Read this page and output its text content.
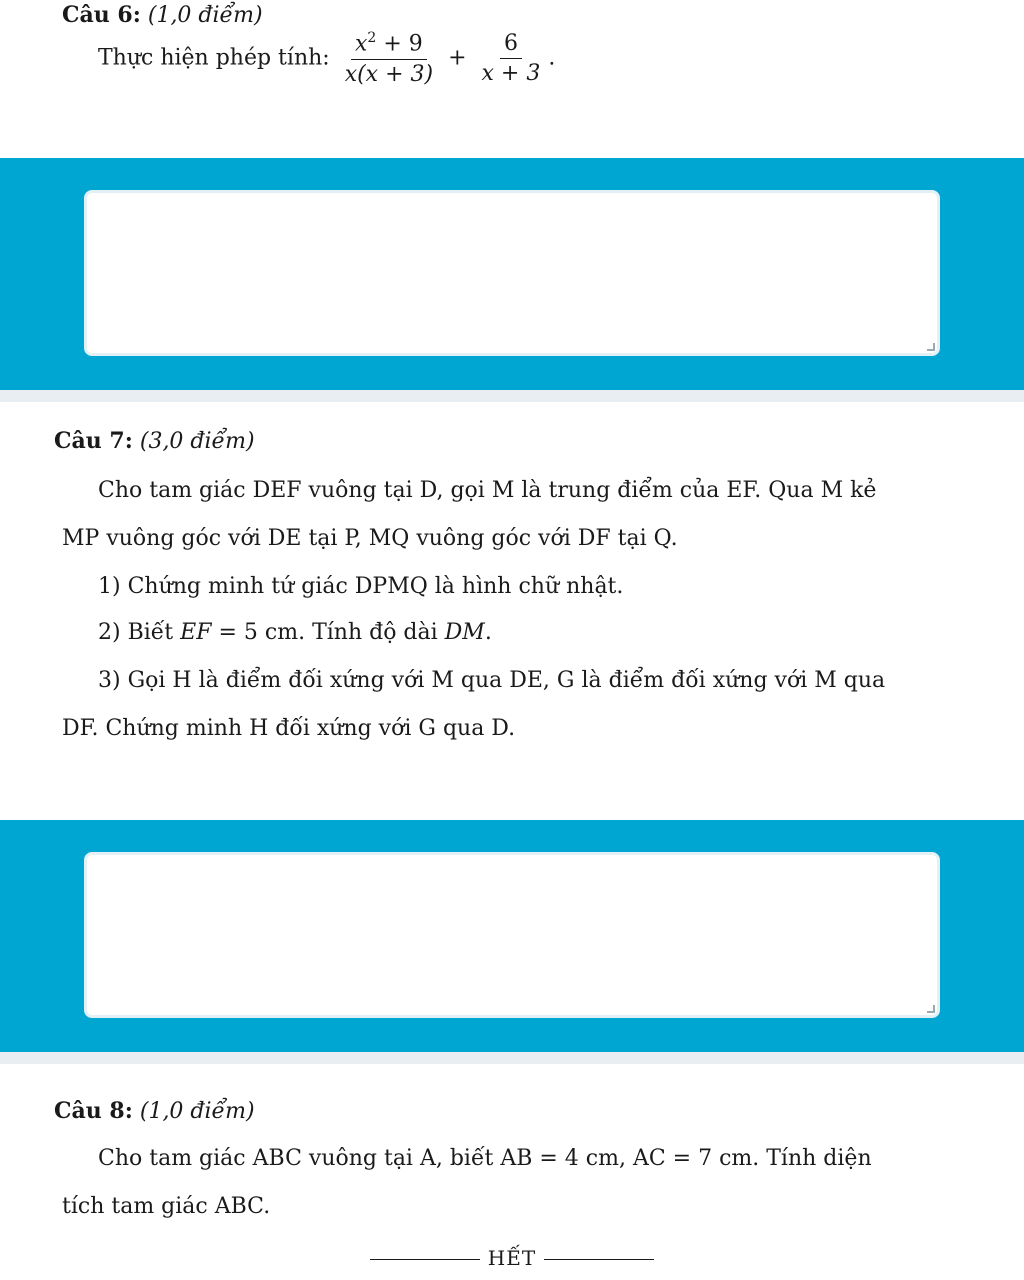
Câu 6: (1,0 điểm)
Thực hiện phép tính: $\frac{x^2 + 9}{x(x + 3)} + \frac{6}{x + 3}$ .
Câu 7: (3,0 điểm)
Cho tam giác DEF vuông tại D, gọi M là trung điểm của EF. Qua M kẻ
MP vuông góc với DE tại P, MQ vuông góc với DF tại Q.
1) Chứng minh tứ giác DPMQ là hình chữ nhật.
2) Biết EF = 5 cm. Tính độ dài DM.
3) Gọi H là điểm đối xứng với M qua DE, G là điểm đối xứng với M qua
DF. Chứng minh H đối xứng với G qua D.
Câu 8: (1,0 điểm)
Cho tam giác ABC vuông tại A, biết AB = 4 cm, AC = 7 cm. Tính diện
tích tam giác ABC.
HẾT
